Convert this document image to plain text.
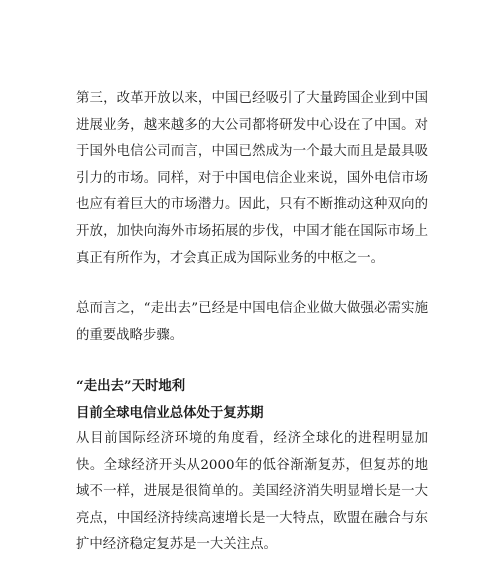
第三，改革开放以来，中国已经吸引了大量跨国企业到中国进展业务，越来越多的大公司都将研发中心设在了中国。对于国外电信公司而言，中国已然成为一个最大而且是最具吸引力的市场。同样，对于中国电信企业来说，国外电信市场也应有着巨大的市场潜力。因此，只有不断推动这种双向的开放，加快向海外市场拓展的步伐，中国才能在国际市场上真正有所作为，才会真正成为国际业务的中枢之一。

总而言之，“走出去”已经是中国电信企业做大做强必需实施的重要战略步骤。

“走出去”天时地利
目前全球电信业总体处于复苏期

从目前国际经济环境的角度看，经济全球化的进程明显加快。全球经济开头从2000年的低谷渐渐复苏，但复苏的地域不一样，进展是很简单的。美国经济消失明显增长是一大亮点，中国经济持续高速增长是一大特点，欧盟在融合与东扩中经济稳定复苏是一大关注点。
